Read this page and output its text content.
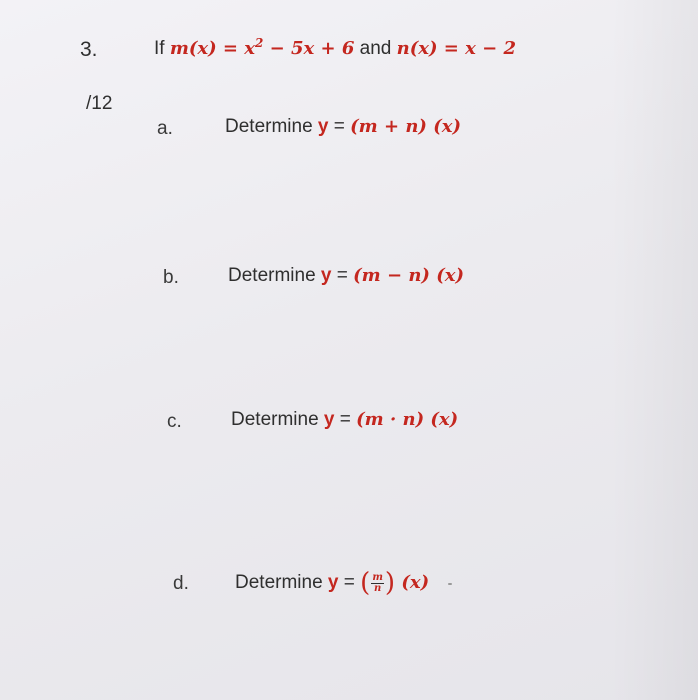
3.
/12
If $m(x) = x^2 - 5x + 6$ and n(x) = x − 2
a.	Determine y = (m + n) (x)
b.	Determine y = (m − n) (x)
c.	Determine y = (m · n) (x)
d. Determine y = ( $\frac{m}{n}$ ) (x)
